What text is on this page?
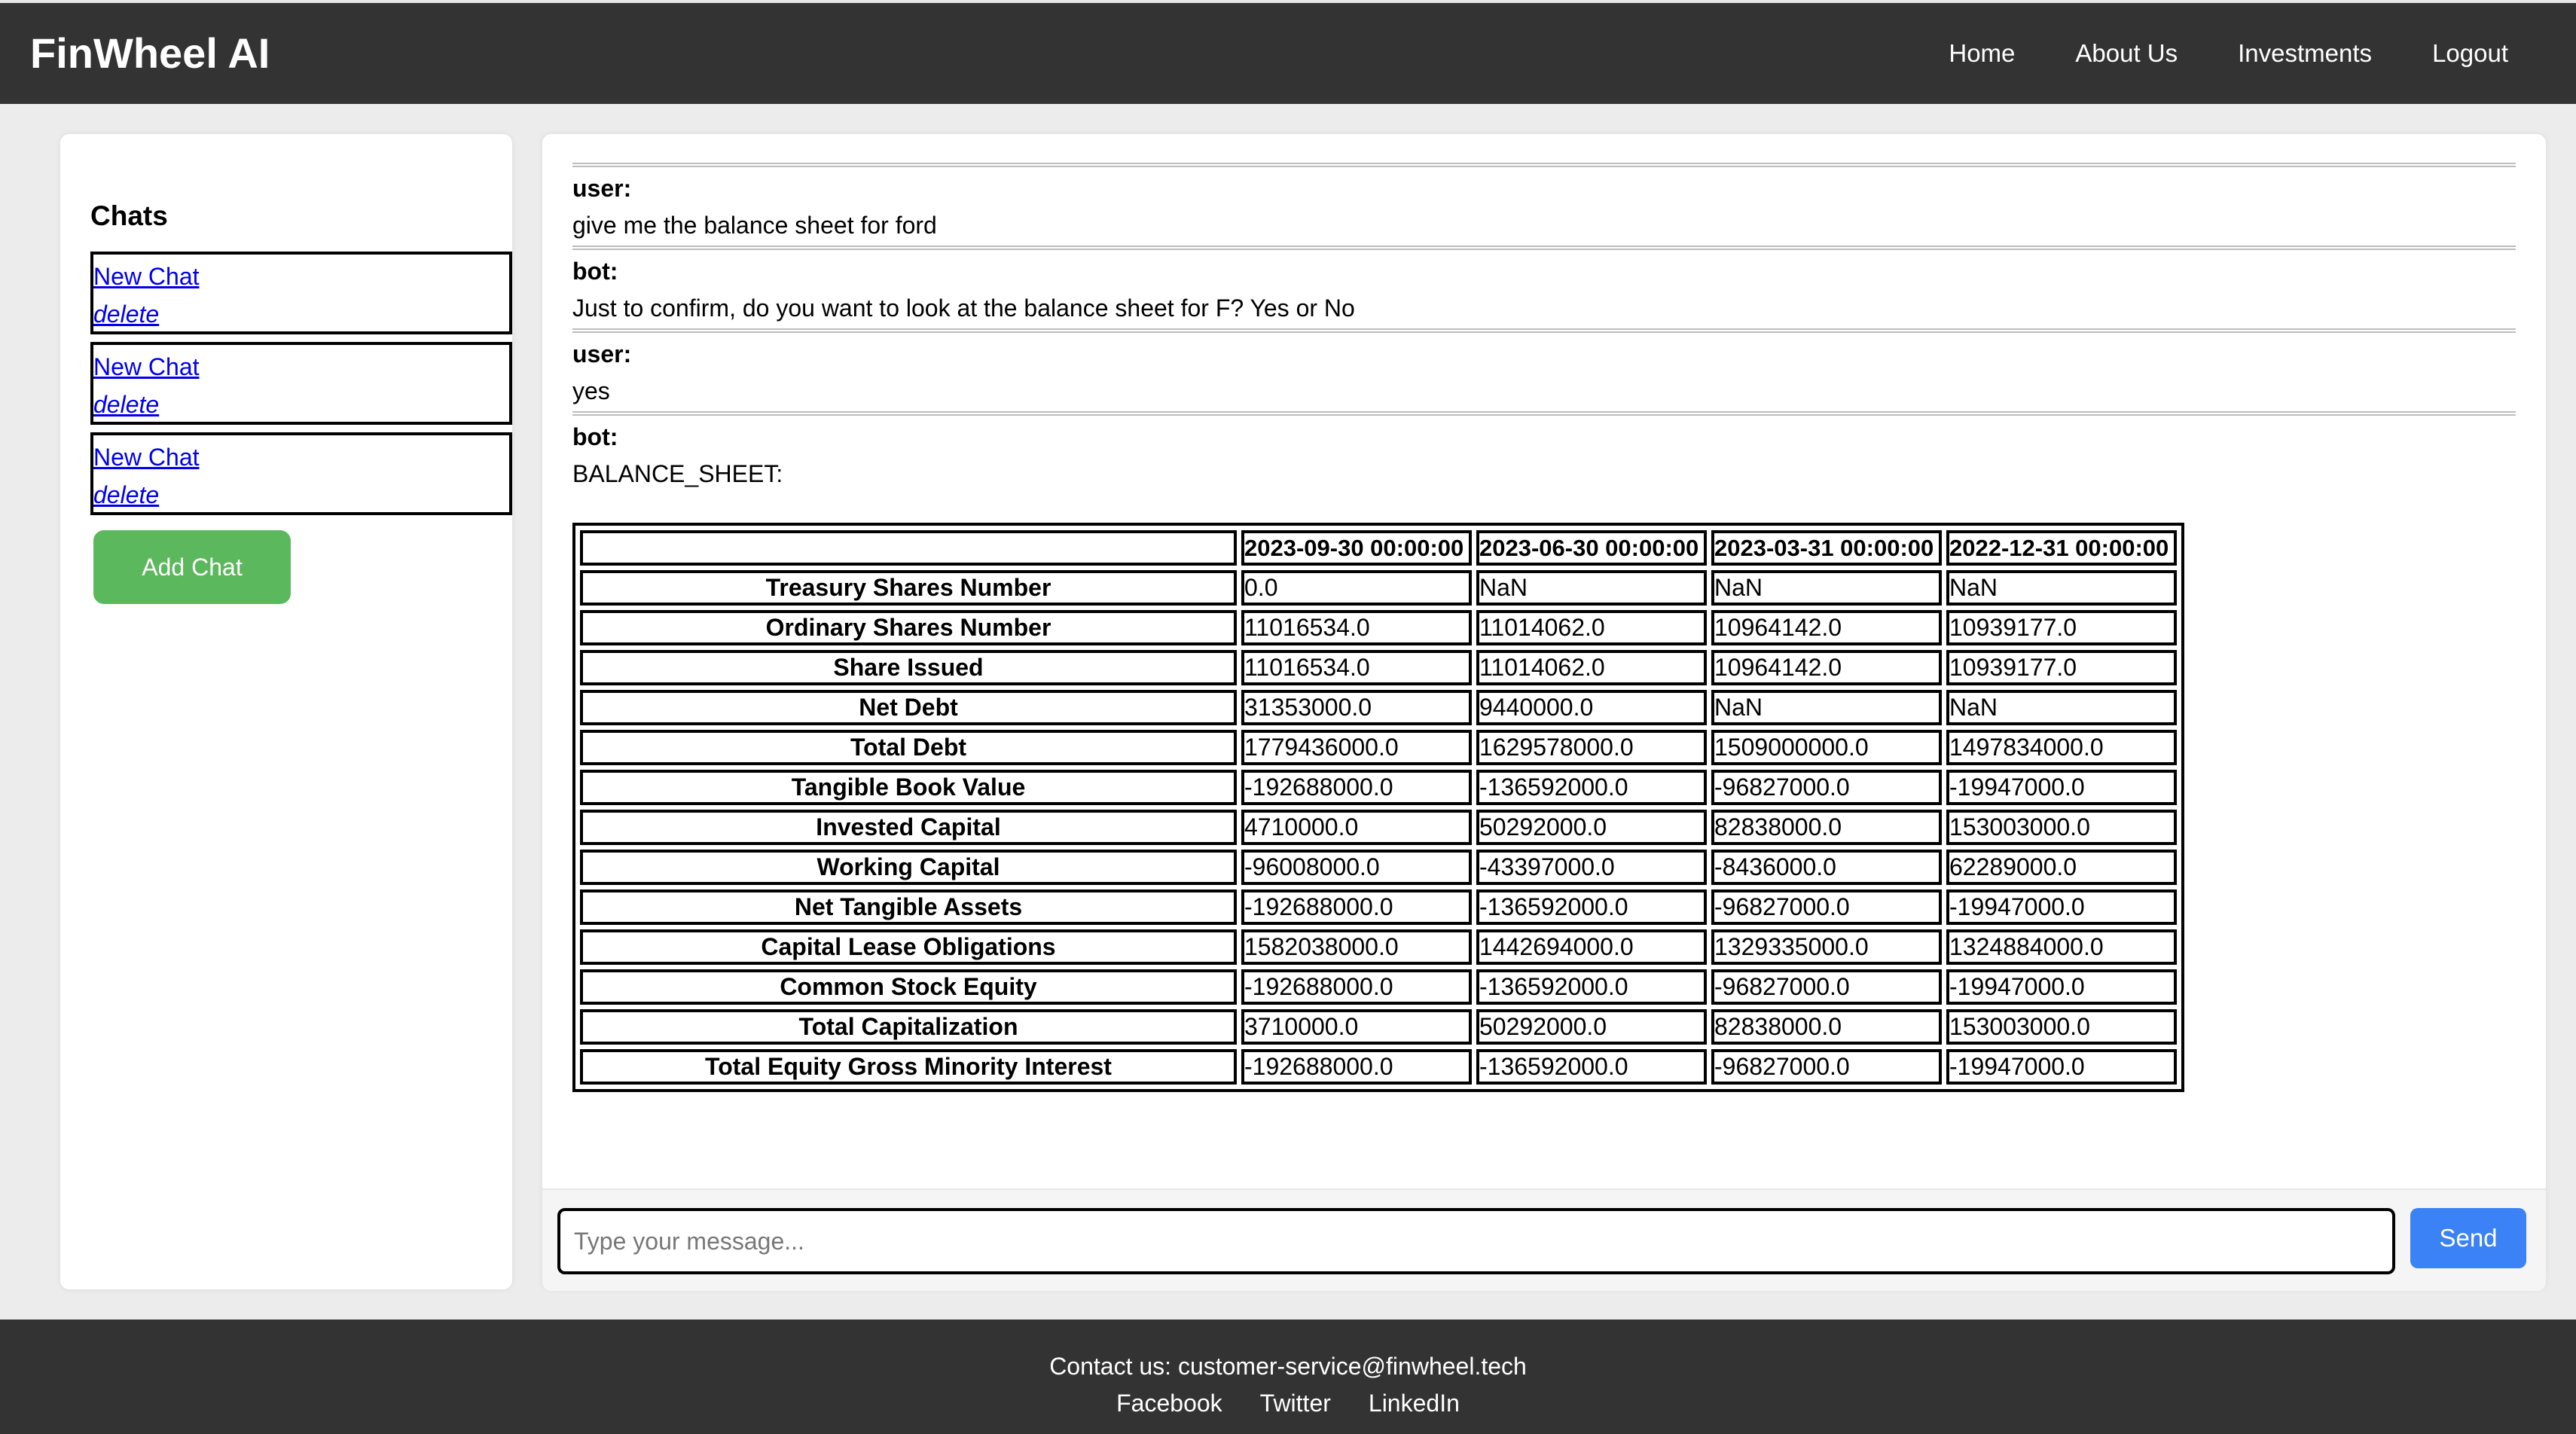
FinWheel AI	Home About Us Investments Logout
Chats
New Chat
delete
New Chat
delete
New Chat
delete
Add Chat

user:

give me the balance sheet for ford

bot:

Just to confirm, do you want to look at the balance sheet for F? Yes or No

user:

yes

bot:

BALANCE_SHEET:

	2023-09-30 00:00:00	2023-06-30 00:00:00	2023-03-31 00:00:00	2022-12-31 00:00:00
Treasury Shares Number	0.0	NaN	NaN	NaN
Ordinary Shares Number	11016534.0	11014062.0	10964142.0	10939177.0
Share Issued	11016534.0	11014062.0	10964142.0	10939177.0
Net Debt	31353000.0	9440000.0	NaN	NaN
Total Debt	1779436000.0	1629578000.0	1509000000.0	1497834000.0
Tangible Book Value	-192688000.0	-136592000.0	-96827000.0	-19947000.0
Invested Capital	4710000.0	50292000.0	82838000.0	153003000.0
Working Capital	-96008000.0	-43397000.0	-8436000.0	62289000.0
Net Tangible Assets	-192688000.0	-136592000.0	-96827000.0	-19947000.0
Capital Lease Obligations	1582038000.0	1442694000.0	1329335000.0	1324884000.0
Common Stock Equity	-192688000.0	-136592000.0	-96827000.0	-19947000.0
Total Capitalization	3710000.0	50292000.0	82838000.0	153003000.0
Total Equity Gross Minority Interest	-192688000.0	-136592000.0	-96827000.0	-19947000.0
Type your message...
Send
Contact us: customer-service@finwheel.tech
Facebook Twitter LinkedIn
